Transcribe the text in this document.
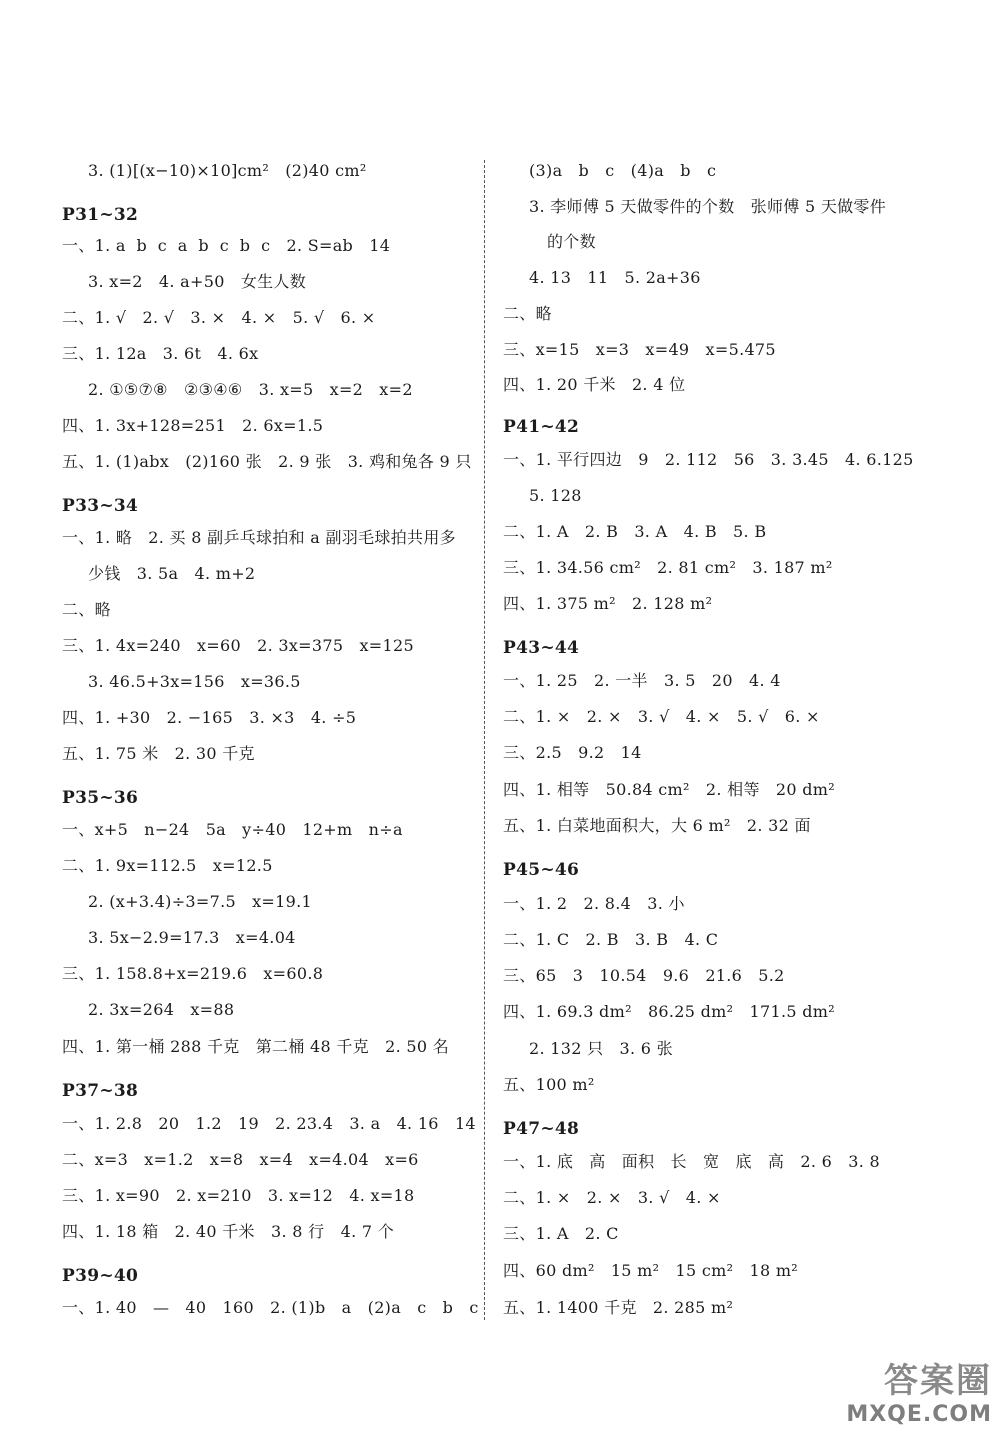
3. (1)[(x−10)×10]cm²   (2)40 cm²
P31~32
一、1. a  b  c  a  b  c  b  c   2. S=ab   14
3. x=2   4. a+50   女生人数
二、1. √   2. √   3. ×   4. ×   5. √   6. ×
三、1. 12a   3. 6t   4. 6x
2. ①⑤⑦⑧   ②③④⑥   3. x=5   x=2   x=2
四、1. 3x+128=251   2. 6x=1.5
五、1. (1)abx   (2)160 张   2. 9 张   3. 鸡和兔各 9 只
P33~34
一、1. 略   2. 买 8 副乒乓球拍和 a 副羽毛球拍共用多
少钱   3. 5a   4. m+2
二、略
三、1. 4x=240   x=60   2. 3x=375   x=125
3. 46.5+3x=156   x=36.5
四、1. +30   2. −165   3. ×3   4. ÷5
五、1. 75 米   2. 30 千克
P35~36
一、x+5   n−24   5a   y÷40   12+m   n÷a
二、1. 9x=112.5   x=12.5
2. (x+3.4)÷3=7.5   x=19.1
3. 5x−2.9=17.3   x=4.04
三、1. 158.8+x=219.6   x=60.8
2. 3x=264   x=88
四、1. 第一桶 288 千克   第二桶 48 千克   2. 50 名
P37~38
一、1. 2.8   20   1.2   19   2. 23.4   3. a   4. 16   14
二、x=3   x=1.2   x=8   x=4   x=4.04   x=6
三、1. x=90   2. x=210   3. x=12   4. x=18
四、1. 18 箱   2. 40 千米   3. 8 行   4. 7 个
P39~40
一、1. 40   —   40   160   2. (1)b   a   (2)a   c   b   c
(3)a   b   c   (4)a   b   c
3. 李师傅 5 天做零件的个数   张师傅 5 天做零件
的个数
4. 13   11   5. 2a+36
二、略
三、x=15   x=3   x=49   x=5.475
四、1. 20 千米   2. 4 位
P41~42
一、1. 平行四边   9   2. 112   56   3. 3.45   4. 6.125
5. 128
二、1. A   2. B   3. A   4. B   5. B
三、1. 34.56 cm²   2. 81 cm²   3. 187 m²
四、1. 375 m²   2. 128 m²
P43~44
一、1. 25   2. 一半   3. 5   20   4. 4
二、1. ×   2. ×   3. √   4. ×   5. √   6. ×
三、2.5   9.2   14
四、1. 相等   50.84 cm²   2. 相等   20 dm²
五、1. 白菜地面积大，大 6 m²   2. 32 面
P45~46
一、1. 2   2. 8.4   3. 小
二、1. C   2. B   3. B   4. C
三、65   3   10.54   9.6   21.6   5.2
四、1. 69.3 dm²   86.25 dm²   171.5 dm²
2. 132 只   3. 6 张
五、100 m²
P47~48
一、1. 底   高   面积   长   宽   底   高   2. 6   3. 8
二、1. ×   2. ×   3. √   4. ×
三、1. A   2. C
四、60 dm²   15 m²   15 cm²   18 m²
五、1. 1400 千克   2. 285 m²
答案圈
MXQE.COM
